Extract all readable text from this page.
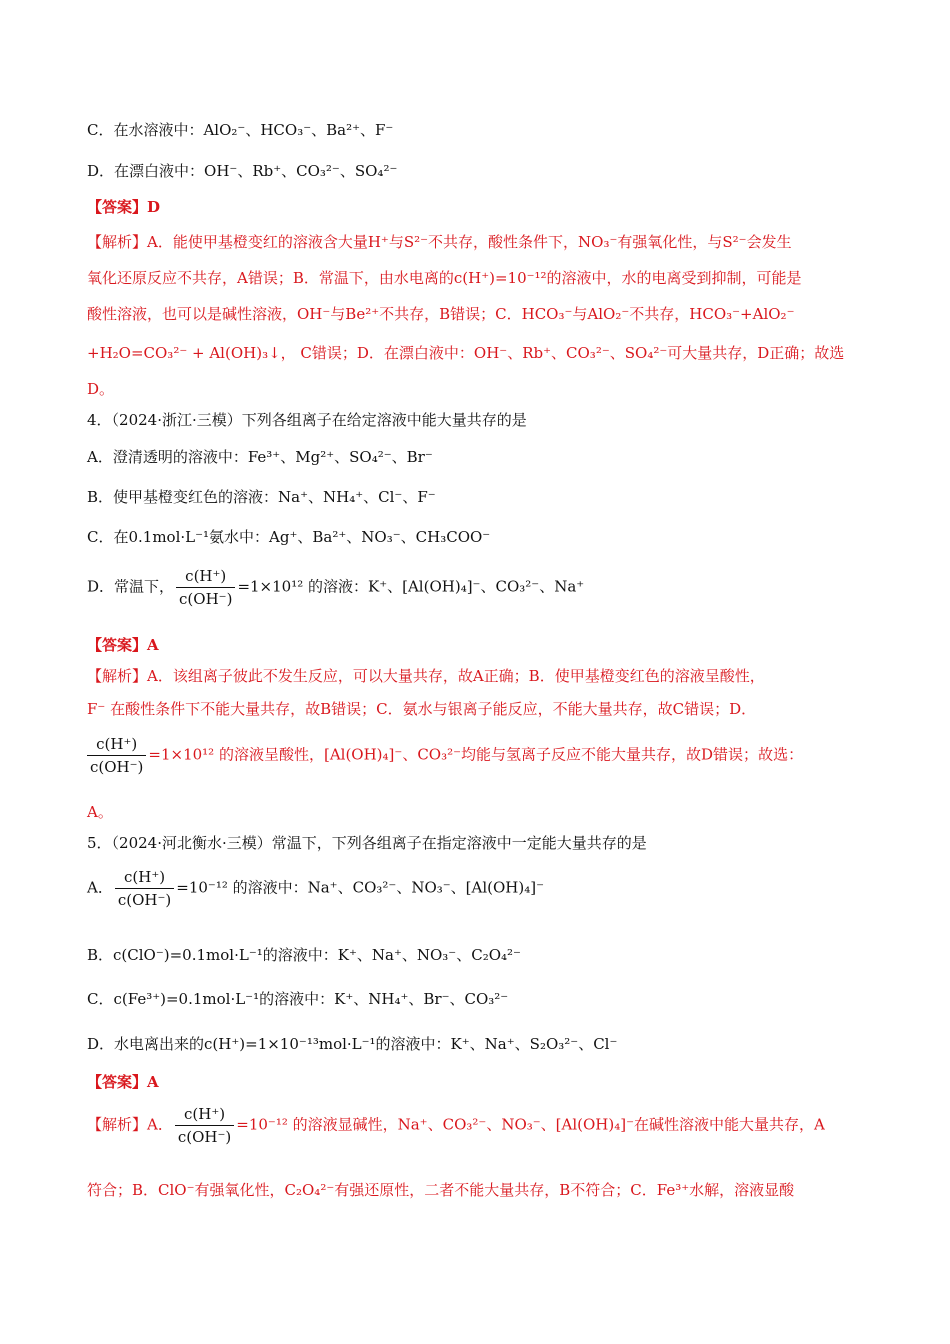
C．在水溶液中：AlO₂⁻、HCO₃⁻、Ba²⁺、F⁻
D．在漂白液中：OH⁻、Rb⁺、CO₃²⁻、SO₄²⁻
【答案】D
【解析】A．能使甲基橙变红的溶液含大量H⁺与S²⁻不共存，酸性条件下，NO₃⁻有强氧化性，与S²⁻会发生
氧化还原反应不共存，A错误；B．常温下，由水电离的c(H⁺)=10⁻¹²的溶液中，水的电离受到抑制，可能是
酸性溶液，也可以是碱性溶液，OH⁻与Be²⁺不共存，B错误；C．HCO₃⁻与AlO₂⁻不共存，HCO₃⁻+AlO₂⁻
+H₂O=CO₃²⁻ + Al(OH)₃↓， C错误；D．在漂白液中：OH⁻、Rb⁺、CO₃²⁻、SO₄²⁻可大量共存，D正确；故选
D。
4．（2024·浙江·三模）下列各组离子在给定溶液中能大量共存的是
A．澄清透明的溶液中：Fe³⁺、Mg²⁺、SO₄²⁻、Br⁻
B．使甲基橙变红色的溶液：Na⁺、NH₄⁺、Cl⁻、F⁻
C．在0.1mol·L⁻¹氨水中：Ag⁺、Ba²⁺、NO₃⁻、CH₃COO⁻
D．常温下， $\frac{c(H^+)}{c(OH^-)} =1\times 10^{12}$ 的溶液：K⁺、[Al(OH)₄]⁻、CO₃²⁻、Na⁺
【答案】A
【解析】A．该组离子彼此不发生反应，可以大量共存，故A正确；B．使甲基橙变红色的溶液呈酸性，
F⁻ 在酸性条件下不能大量共存，故B错误；C．氨水与银离子能反应，不能大量共存，故C错误；D．
$\frac{c(H^+)}{c(OH^-)} =1\times 10^{12}$ 的溶液呈酸性，[Al(OH)₄]⁻、CO₃²⁻均能与氢离子反应不能大量共存，故D错误；故选：
A。
5．（2024·河北衡水·三模）常温下，下列各组离子在指定溶液中一定能大量共存的是
A． $\frac{c(H^+)}{c(OH^-)} =10^{-12}$ 的溶液中：Na⁺、CO₃²⁻、NO₃⁻、[Al(OH)₄]⁻
B．c(ClO⁻)=0.1mol·L⁻¹的溶液中：K⁺、Na⁺、NO₃⁻、C₂O₄²⁻
C．c(Fe³⁺)=0.1mol·L⁻¹的溶液中：K⁺、NH₄⁺、Br⁻、CO₃²⁻
D．水电离出来的c(H⁺)=1×10⁻¹³mol·L⁻¹的溶液中：K⁺、Na⁺、S₂O₃²⁻、Cl⁻
【答案】A
【解析】A． $\frac{c(H^+)}{c(OH^-)} =10^{-12}$ 的溶液显碱性，Na⁺、CO₃²⁻、NO₃⁻、[Al(OH)₄]⁻在碱性溶液中能大量共存，A
符合；B．ClO⁻有强氧化性，C₂O₄²⁻有强还原性，二者不能大量共存，B不符合；C．Fe³⁺水解，溶液显酸
